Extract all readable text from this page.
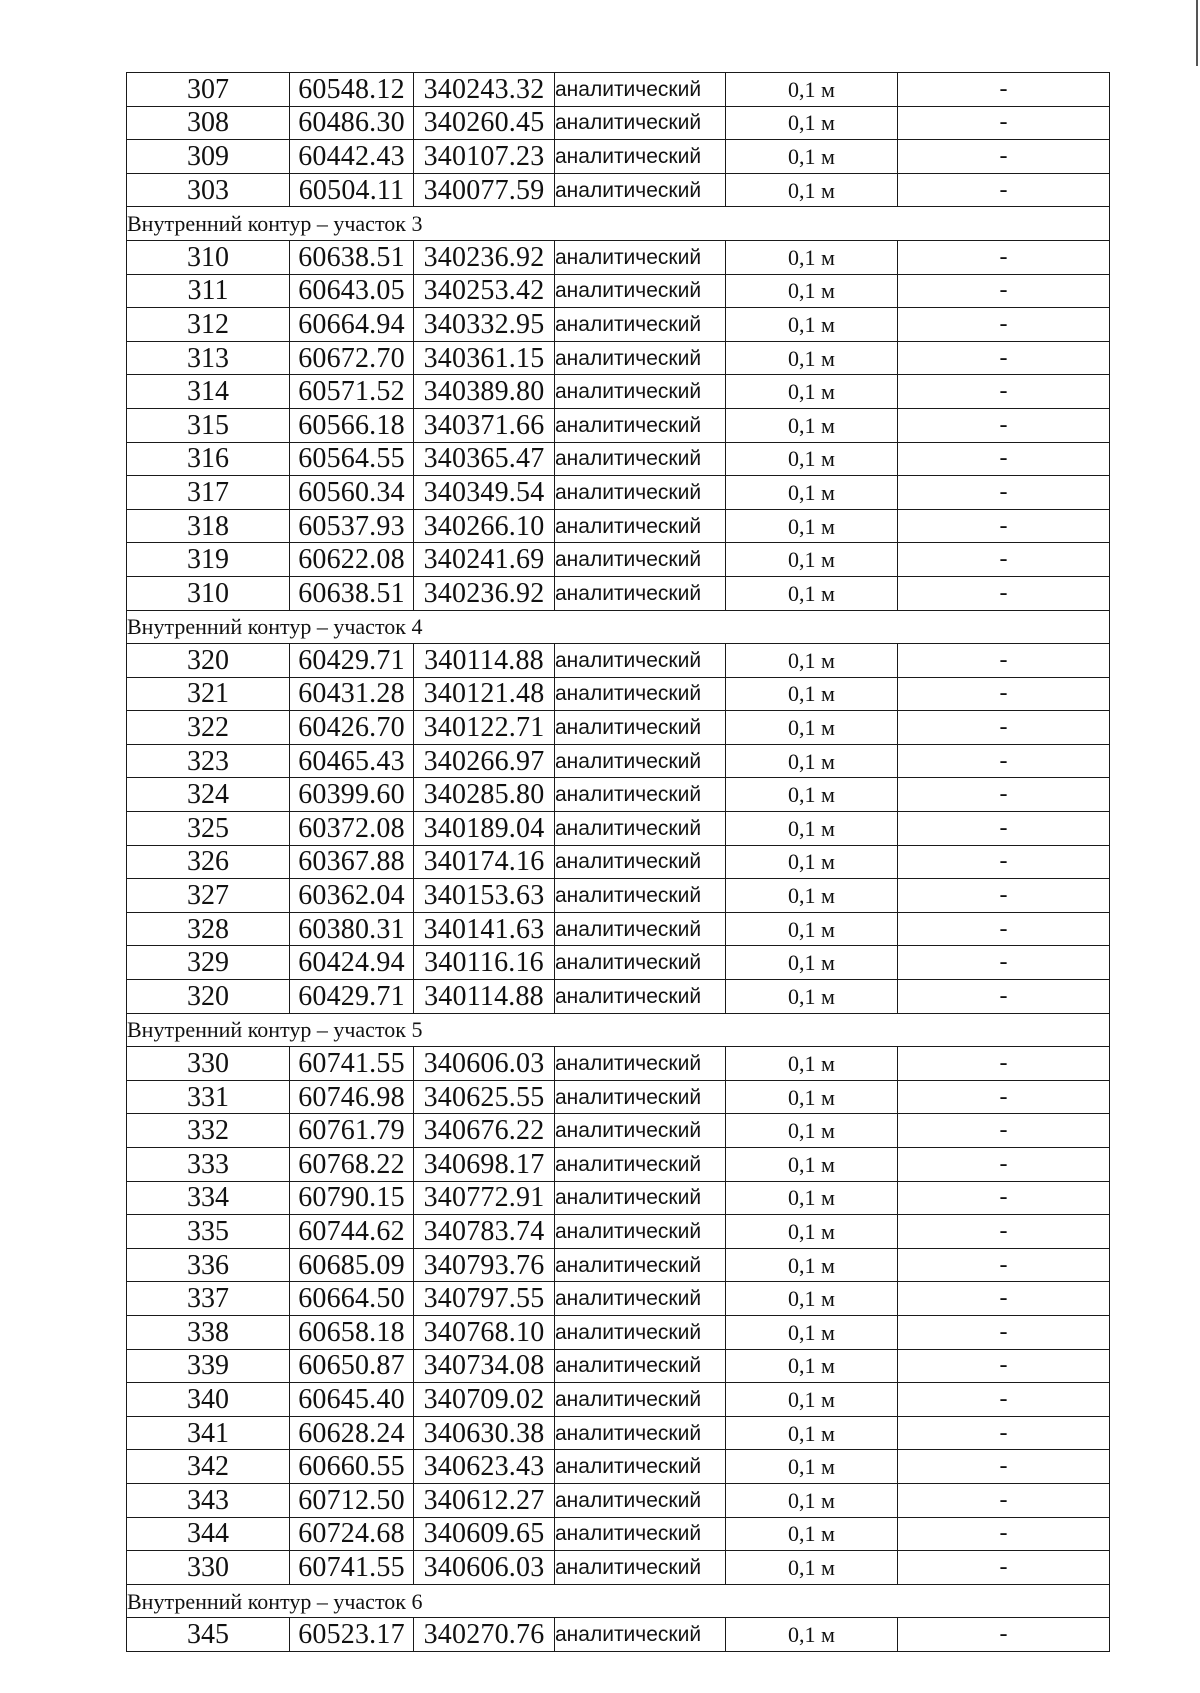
307	60548.12	340243.32	аналитический	0,1 м	-
308	60486.30	340260.45	аналитический	0,1 м	-
309	60442.43	340107.23	аналитический	0,1 м	-
303	60504.11	340077.59	аналитический	0,1 м	-
Внутренний контур – участок 3					
310	60638.51	340236.92	аналитический	0,1 м	-
311	60643.05	340253.42	аналитический	0,1 м	-
312	60664.94	340332.95	аналитический	0,1 м	-
313	60672.70	340361.15	аналитический	0,1 м	-
314	60571.52	340389.80	аналитический	0,1 м	-
315	60566.18	340371.66	аналитический	0,1 м	-
316	60564.55	340365.47	аналитический	0,1 м	-
317	60560.34	340349.54	аналитический	0,1 м	-
318	60537.93	340266.10	аналитический	0,1 м	-
319	60622.08	340241.69	аналитический	0,1 м	-
310	60638.51	340236.92	аналитический	0,1 м	-
Внутренний контур – участок 4					
320	60429.71	340114.88	аналитический	0,1 м	-
321	60431.28	340121.48	аналитический	0,1 м	-
322	60426.70	340122.71	аналитический	0,1 м	-
323	60465.43	340266.97	аналитический	0,1 м	-
324	60399.60	340285.80	аналитический	0,1 м	-
325	60372.08	340189.04	аналитический	0,1 м	-
326	60367.88	340174.16	аналитический	0,1 м	-
327	60362.04	340153.63	аналитический	0,1 м	-
328	60380.31	340141.63	аналитический	0,1 м	-
329	60424.94	340116.16	аналитический	0,1 м	-
320	60429.71	340114.88	аналитический	0,1 м	-
Внутренний контур – участок 5					
330	60741.55	340606.03	аналитический	0,1 м	-
331	60746.98	340625.55	аналитический	0,1 м	-
332	60761.79	340676.22	аналитический	0,1 м	-
333	60768.22	340698.17	аналитический	0,1 м	-
334	60790.15	340772.91	аналитический	0,1 м	-
335	60744.62	340783.74	аналитический	0,1 м	-
336	60685.09	340793.76	аналитический	0,1 м	-
337	60664.50	340797.55	аналитический	0,1 м	-
338	60658.18	340768.10	аналитический	0,1 м	-
339	60650.87	340734.08	аналитический	0,1 м	-
340	60645.40	340709.02	аналитический	0,1 м	-
341	60628.24	340630.38	аналитический	0,1 м	-
342	60660.55	340623.43	аналитический	0,1 м	-
343	60712.50	340612.27	аналитический	0,1 м	-
344	60724.68	340609.65	аналитический	0,1 м	-
330	60741.55	340606.03	аналитический	0,1 м	-
Внутренний контур – участок 6					
345	60523.17	340270.76	аналитический	0,1 м	-
